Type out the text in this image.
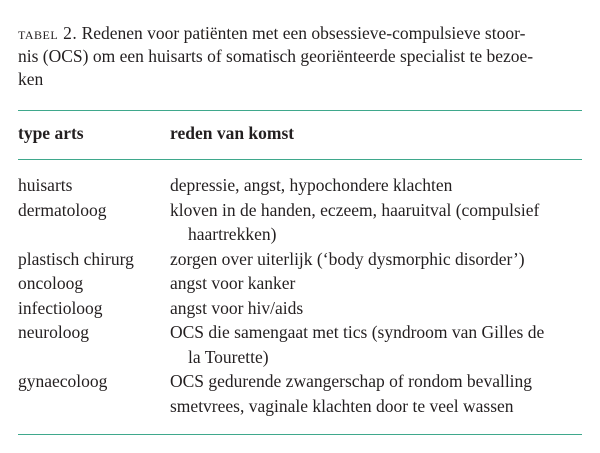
tabel 2. Redenen voor patiënten met een obsessieve-compulsieve stoor-
nis (OCS) om een huisarts of somatisch georiënteerde specialist te bezoe-
ken
type arts	reden van komst
huisarts	depressie, angst, hypochondere klachten
dermatoloog	kloven in de handen, eczeem, haaruitval (compulsief
haartrekken)
plastisch chirurg	zorgen over uiterlijk (‘body dysmorphic disorder’)
oncoloog	angst voor kanker
infectioloog	angst voor hiv/aids
neuroloog	OCS die samengaat met tics (syndroom van Gilles de
la Tourette)
gynaecoloog	OCS gedurende zwangerschap of rondom bevalling
smetvrees, vaginale klachten door te veel wassen
